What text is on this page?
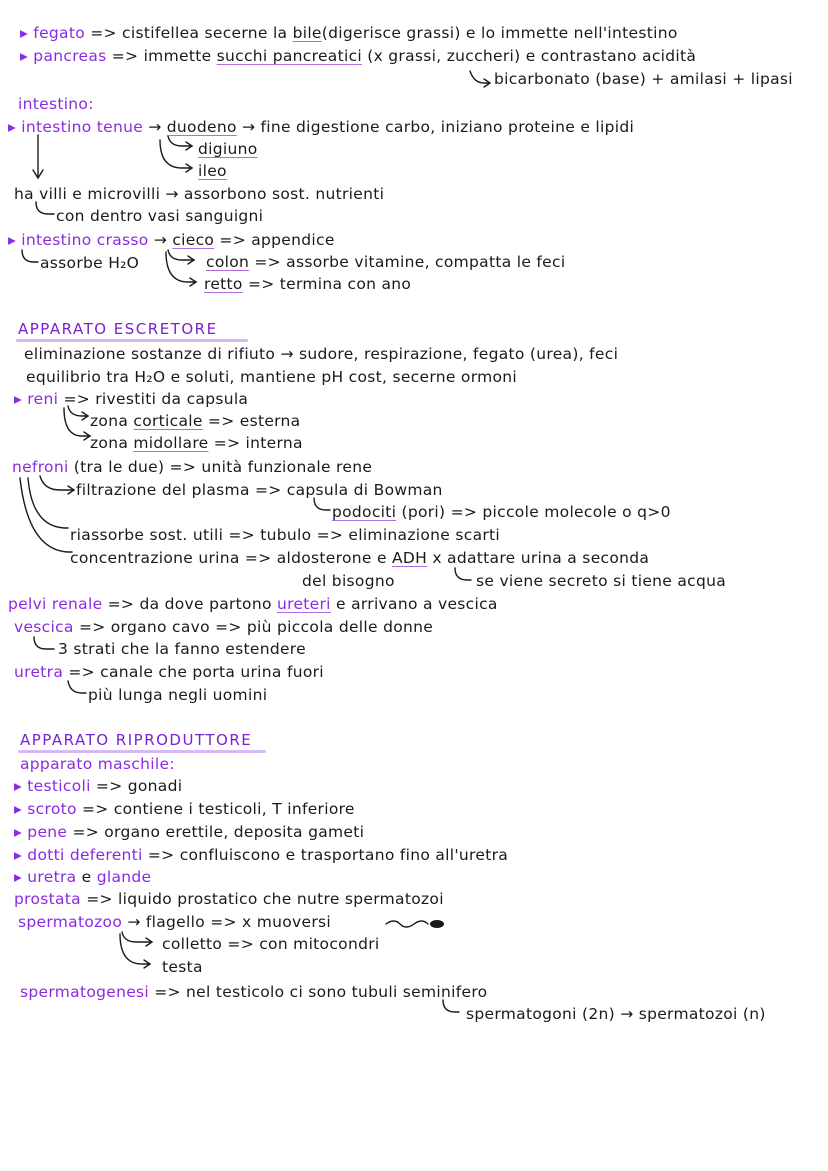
▸ fegato => cistifellea secerne la bile(digerisce grassi) e lo immette nell'intestino
▸ pancreas => immette succhi pancreatici (x grassi, zuccheri) e contrastano acidità
bicarbonato (base) + amilasi + lipasi
intestino:
▸ intestino tenue → duodeno → fine digestione carbo, iniziano proteine e lipidi
digiuno
ileo
ha villi e microvilli → assorbono sost. nutrienti
con dentro vasi sanguigni
▸ intestino crasso → cieco => appendice
assorbe H₂O	colon => assorbe vitamine, compatta le feci
retto => termina con ano
APPARATO ESCRETORE
eliminazione sostanze di rifiuto → sudore, respirazione, fegato (urea), feci
equilibrio tra H₂O e soluti, mantiene pH cost, secerne ormoni
▸ reni => rivestiti da capsula
zona corticale => esterna
zona midollare => interna
nefroni (tra le due) => unità funzionale rene
filtrazione del plasma => capsula di Bowman
podociti (pori) => piccole molecole o q>0
riassorbe sost. utili => tubulo => eliminazione scarti
concentrazione urina => aldosterone e ADH x adattare urina a seconda
del bisogno	se viene secreto si tiene acqua
pelvi renale => da dove partono ureteri e arrivano a vescica
vescica => organo cavo => più piccola delle donne
3 strati che la fanno estendere
uretra => canale che porta urina fuori
più lunga negli uomini
APPARATO RIPRODUTTORE
apparato maschile:
▸ testicoli => gonadi
▸ scroto => contiene i testicoli, T inferiore
▸ pene => organo erettile, deposita gameti
▸ dotti deferenti => confluiscono e trasportano fino all'uretra
▸ uretra e glande
prostata => liquido prostatico che nutre spermatozoi
spermatozoo → flagello => x muoversi
colletto => con mitocondri
testa
spermatogenesi => nel testicolo ci sono tubuli seminifero
spermatogoni (2n) → spermatozoi (n)
